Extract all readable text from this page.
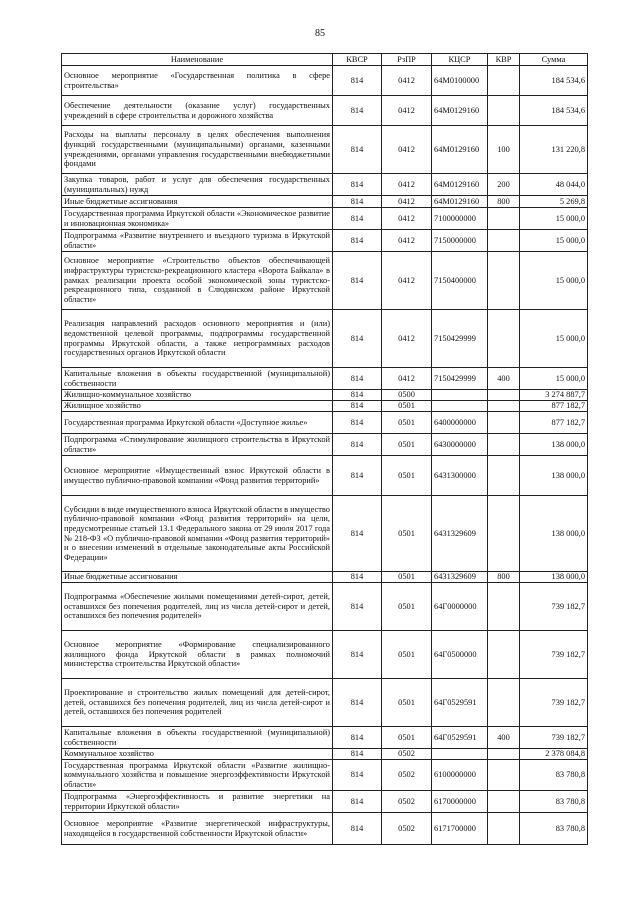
85
Наименование	КВСР	РзПР	КЦСР	КВР	Сумма
Основное мероприятие «Государственная политика в сфере строительства»	814	0412	64М0100000		184 534,6
Обеспечение деятельности (оказание услуг) государственных учреждений в сфере строительства и дорожного хозяйства	814	0412	64М0129160		184 534,6
Расходы на выплаты персоналу в целях обеспечения выполнения функций государственными (муниципальными) органами, казенными учреждениями, органами управления государственными внебюджетными фондами	814	0412	64М0129160	100	131 220,8
Закупка товаров, работ и услуг для обеспечения государственных (муниципальных) нужд	814	0412	64М0129160	200	48 044,0
Иные бюджетные ассигнования	814	0412	64М0129160	800	5 269,8
Государственная программа Иркутской области «Экономическое развитие и инновационная экономика»	814	0412	7100000000		15 000,0
Подпрограмма «Развитие внутреннего и въездного туризма в Иркутской области»	814	0412	7150000000		15 000,0
Основное мероприятие «Строительство объектов обеспечивающей инфраструктуры туристско-рекреационного кластера «Ворота Байкала» в рамках реализации проекта особой экономической зоны туристско-рекреационного типа, созданной в Слюдянском районе Иркутской области»	814	0412	7150400000		15 000,0
Реализация направлений расходов основного мероприятия и (или) ведомственной целевой программы, подпрограммы государственной программы Иркутской области, а также непрограммных расходов государственных органов Иркутской области	814	0412	7150429999		15 000,0
Капитальные вложения в объекты государственной (муниципальной) собственности	814	0412	7150429999	400	15 000,0
Жилищно-коммунальное хозяйство	814	0500			3 274 887,7
Жилищное хозяйство	814	0501			877 182,7
Государственная программа Иркутской области «Доступное жилье»	814	0501	6400000000		877 182,7
Подпрограмма «Стимулирование жилищного строительства в Иркутской области»	814	0501	6430000000		138 000,0
Основное мероприятие «Имущественный взнос Иркутской области в имущество публично-правовой компании «Фонд развития территорий»	814	0501	6431300000		138 000,0
Субсидии в виде имущественного взноса Иркутской области в имущество публично-правовой компании «Фонд развития территорий» на цели, предусмотренные статьей 13.1 Федерального закона от 29 июля 2017 года № 218-ФЗ «О публично-правовой компании «Фонд развития территорий» и о внесении изменений в отдельные законодательные акты Российской Федерации»	814	0501	6431329609		138 000,0
Иные бюджетные ассигнования	814	0501	6431329609	800	138 000,0
Подпрограмма «Обеспечение жилыми помещениями детей-сирот, детей, оставшихся без попечения родителей, лиц из числа детей-сирот и детей, оставшихся без попечения родителей»	814	0501	64Г0000000		739 182,7
Основное мероприятие «Формирование специализированного жилищного фонда Иркутской области в рамках полномочий министерства строительства Иркутской области»	814	0501	64Г0500000		739 182,7
Проектирование и строительство жилых помещений для детей-сирот, детей, оставшихся без попечения родителей, лиц из числа детей-сирот и детей, оставшихся без попечения родителей	814	0501	64Г0529591		739 182,7
Капитальные вложения в объекты государственной (муниципальной) собственности	814	0501	64Г0529591	400	739 182,7
Коммунальное хозяйство	814	0502			2 378 084,8
Государственная программа Иркутской области «Развитие жилищно-коммунального хозяйства и повышение энергоэффективности Иркутской области»	814	0502	6100000000		83 780,8
Подпрограмма «Энергоэффективность и развитие энергетики на территории Иркутской области»	814	0502	6170000000		83 780,8
Основное мероприятие «Развитие энергетической инфраструктуры, находящейся в государственной собственности Иркутской области»	814	0502	6171700000		83 780,8
